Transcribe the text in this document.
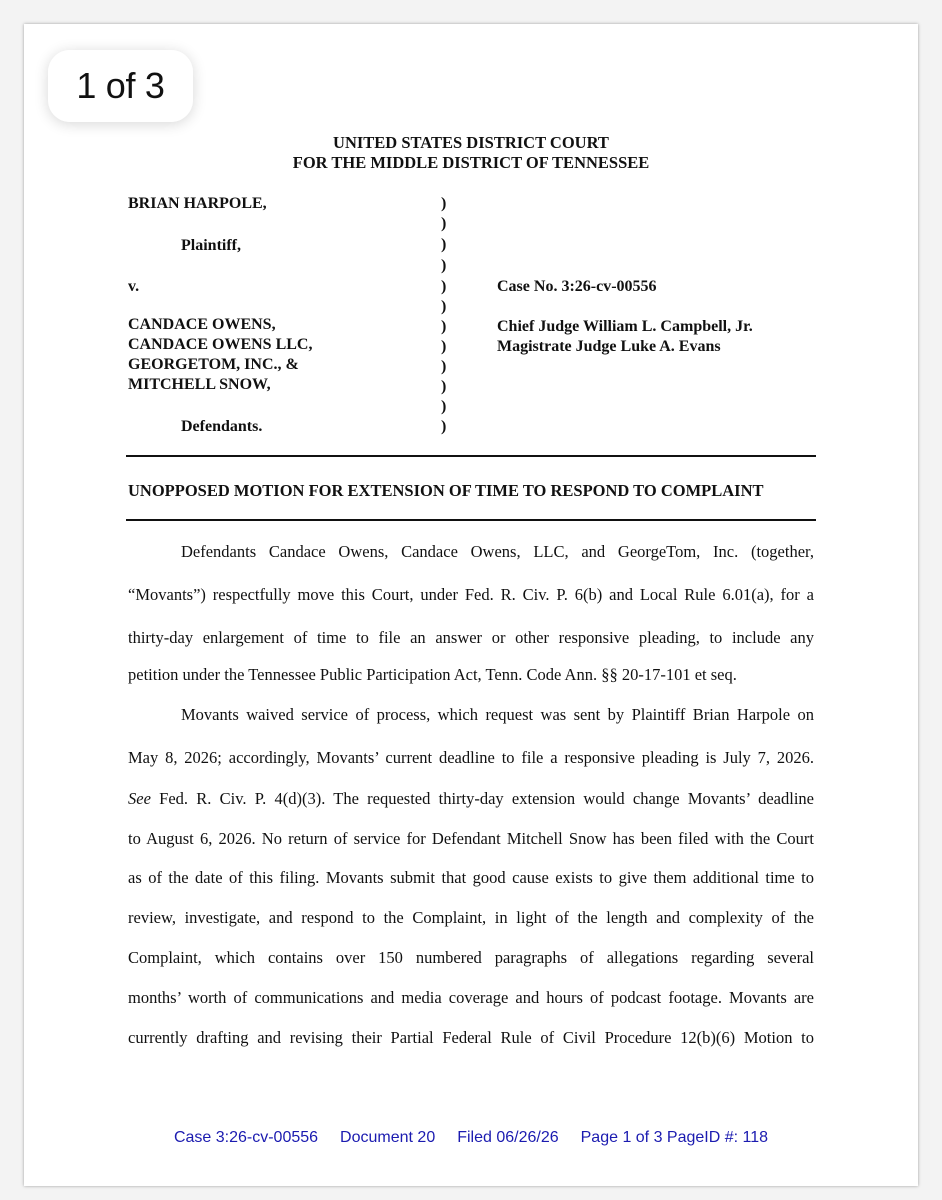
1 of 3
UNITED STATES DISTRICT COURT
FOR THE MIDDLE DISTRICT OF TENNESSEE
BRIAN HARPOLE,
Plaintiff,
v.
CANDACE OWENS,
CANDACE OWENS LLC,
GEORGETOM, INC., &
MITCHELL SNOW,
Defendants.
)
)
)
)
)
)
)
)
)
)
)
)
Case No. 3:26-cv-00556
Chief Judge William L. Campbell, Jr.
Magistrate Judge Luke A. Evans
UNOPPOSED MOTION FOR EXTENSION OF TIME TO RESPOND TO COMPLAINT
Defendants Candace Owens, Candace Owens, LLC, and GeorgeTom, Inc. (together,
“Movants”) respectfully move this Court, under Fed. R. Civ. P. 6(b) and Local Rule 6.01(a), for a
thirty-day enlargement of time to file an answer or other responsive pleading, to include any
petition under the Tennessee Public Participation Act, Tenn. Code Ann. §§ 20-17-101 et seq.
Movants waived service of process, which request was sent by Plaintiff Brian Harpole on
May 8, 2026; accordingly, Movants’ current deadline to file a responsive pleading is July 7, 2026.
See Fed. R. Civ. P. 4(d)(3). The requested thirty-day extension would change Movants’ deadline
to August 6, 2026. No return of service for Defendant Mitchell Snow has been filed with the Court
as of the date of this filing. Movants submit that good cause exists to give them additional time to
review, investigate, and respond to the Complaint, in light of the length and complexity of the
Complaint, which contains over 150 numbered paragraphs of allegations regarding several
months’ worth of communications and media coverage and hours of podcast footage. Movants are
currently drafting and revising their Partial Federal Rule of Civil Procedure 12(b)(6) Motion to
Case 3:26-cv-00556 Document 20 Filed 06/26/26 Page 1 of 3 PageID #: 118
